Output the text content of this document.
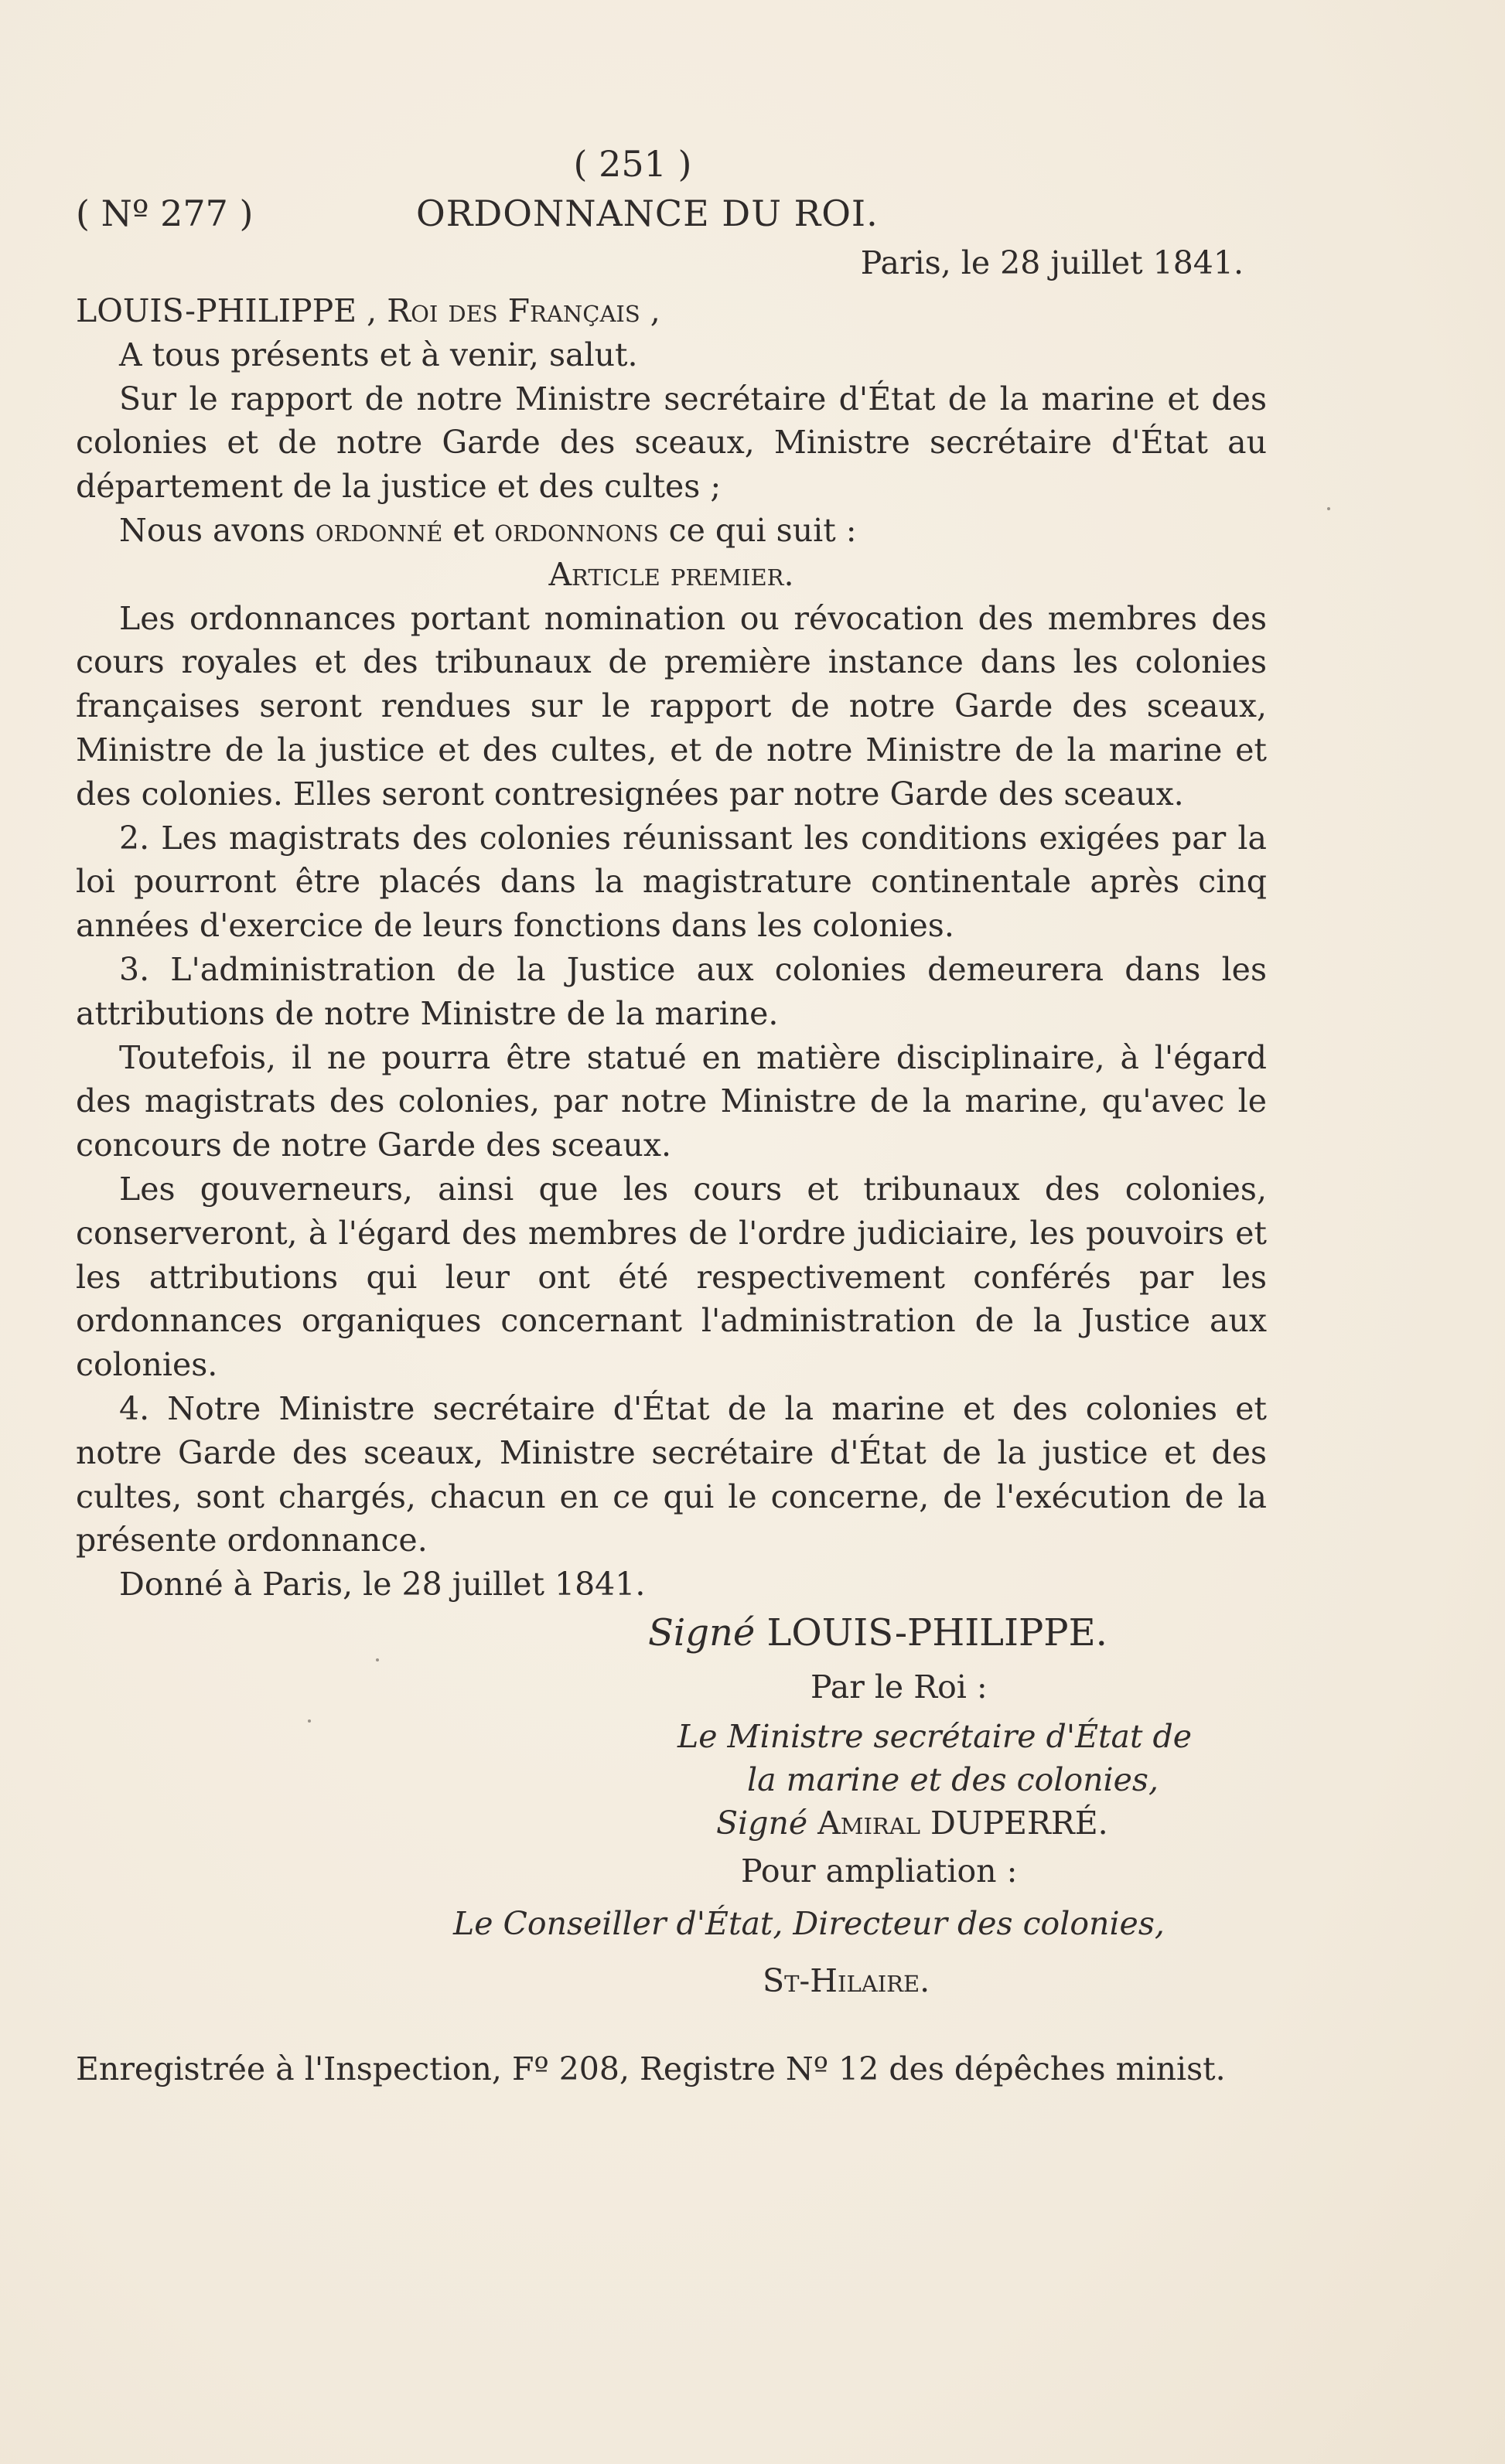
( 251 )
( Nº 277 )	ORDONNANCE DU ROI.
Paris, le 28 juillet 1841.

LOUIS-PHILIPPE , Roi des Français ,

A tous présents et à venir, salut.

Sur le rapport de notre Ministre secrétaire d'État de la marine et des colonies et de notre Garde des sceaux, Ministre secrétaire d'État au département de la justice et des cultes ;

Nous avons ordonné et ordonnons ce qui suit :

Article premier.

Les ordonnances portant nomination ou révocation des membres des cours royales et des tribunaux de première instance dans les colonies françaises seront rendues sur le rapport de notre Garde des sceaux, Ministre de la justice et des cultes, et de notre Ministre de la marine et des colonies. Elles seront contresignées par notre Garde des sceaux.

2. Les magistrats des colonies réunissant les conditions exigées par la loi pourront être placés dans la magistrature continentale après cinq années d'exercice de leurs fonctions dans les colonies.

3. L'administration de la Justice aux colonies demeurera dans les attributions de notre Ministre de la marine.

Toutefois, il ne pourra être statué en matière disciplinaire, à l'égard des magistrats des colonies, par notre Ministre de la marine, qu'avec le concours de notre Garde des sceaux.

Les gouverneurs, ainsi que les cours et tribunaux des colonies, conserveront, à l'égard des membres de l'ordre judiciaire, les pouvoirs et les attributions qui leur ont été respectivement conférés par les ordonnances organiques concernant l'administration de la Justice aux colonies.

4. Notre Ministre secrétaire d'État de la marine et des colonies et notre Garde des sceaux, Ministre secrétaire d'État de la justice et des cultes, sont chargés, chacun en ce qui le concerne, de l'exécution de la présente ordonnance.

Donné à Paris, le 28 juillet 1841.

Signé LOUIS-PHILIPPE.
Par le Roi :
Le Ministre secrétaire d'État de
la marine et des colonies,
Signé Amiral DUPERRÉ.
Pour ampliation :
Le Conseiller d'État, Directeur des colonies,
St-Hilaire.
Enregistrée à l'Inspection, Fº 208, Registre Nº 12 des dépêches minist.
